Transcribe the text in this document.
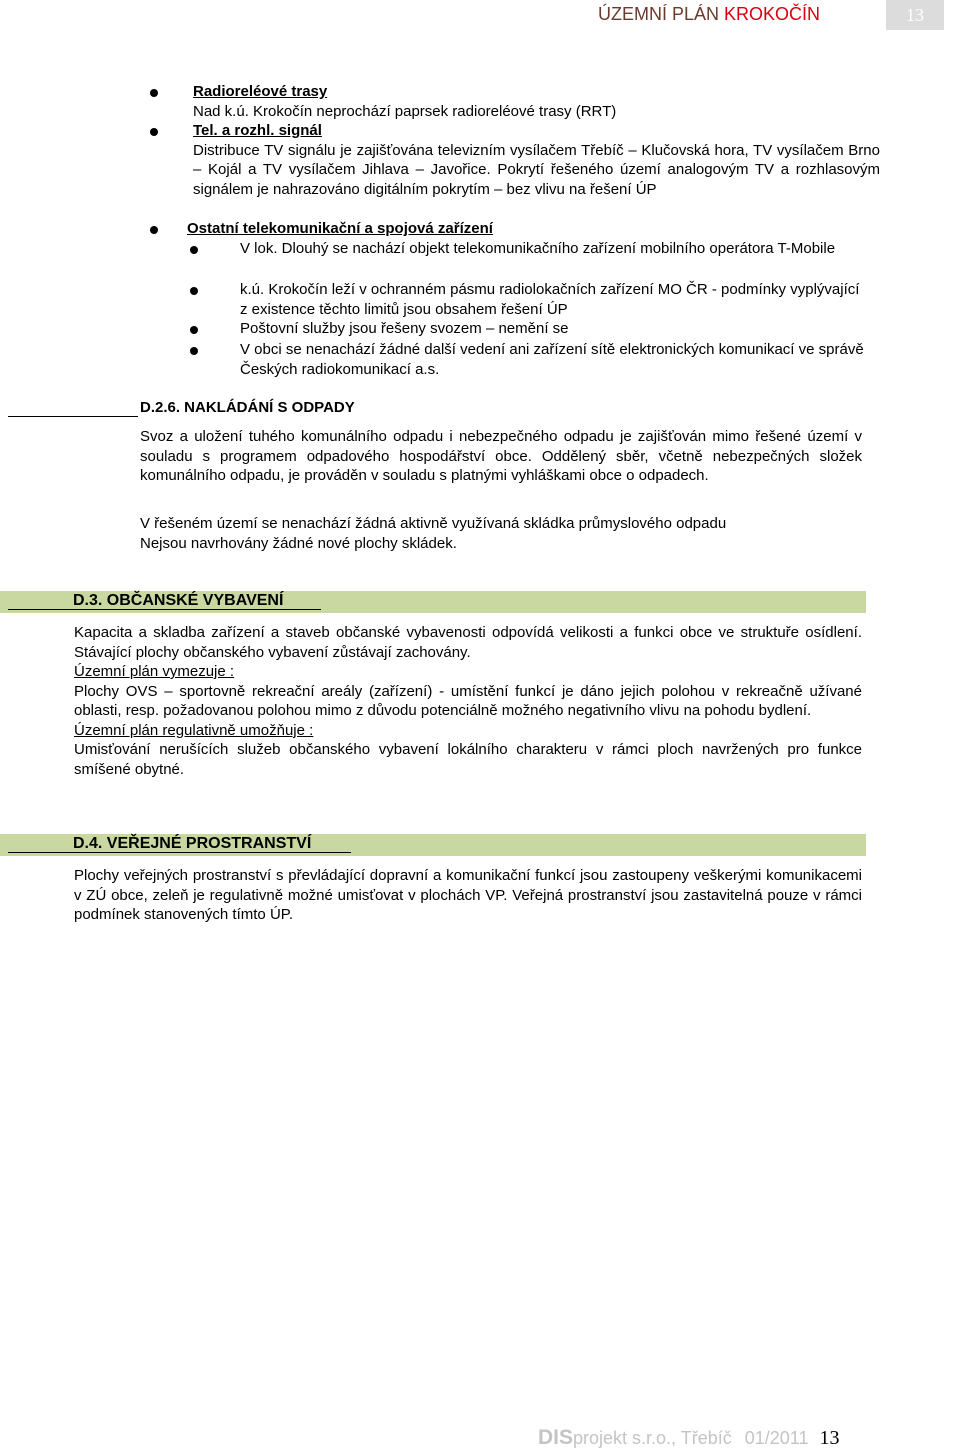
ÚZEMNÍ PLÁN KROKOČÍN	13
Radioreléové trasy
Nad k.ú. Krokočín neprochází paprsek radioreléové trasy (RRT)
Tel. a rozhl. signál
Distribuce TV signálu je zajišťována televizním vysílačem Třebíč – Klučovská hora, TV vysílačem Brno – Kojál a TV vysílačem Jihlava – Javořice. Pokrytí řešeného území analogovým TV a rozhlasovým signálem je nahrazováno digitálním pokrytím – bez vlivu na řešení ÚP
Ostatní telekomunikační a spojová zařízení
V lok. Dlouhý se nachází objekt telekomunikačního zařízení mobilního operátora T-Mobile
k.ú. Krokočín leží v ochranném pásmu radiolokačních zařízení MO ČR - podmínky vyplývající z existence těchto limitů jsou obsahem řešení ÚP
Poštovní služby jsou řešeny svozem – nemění se
V obci se nenachází žádné další vedení ani zařízení sítě elektronických komunikací ve správě Českých radiokomunikací a.s.
D.2.6. NAKLÁDÁNÍ S ODPADY
Svoz a uložení tuhého komunálního odpadu i nebezpečného odpadu je zajišťován mimo řešené území v souladu s programem odpadového hospodářství obce. Oddělený sběr, včetně nebezpečných složek komunálního odpadu, je prováděn v souladu s platnými vyhláškami obce o odpadech.
V řešeném území se nenachází žádná aktivně využívaná skládka průmyslového odpadu
Nejsou navrhovány žádné nové plochy skládek.
D.3. OBČANSKÉ VYBAVENÍ
Kapacita a skladba zařízení a staveb občanské vybavenosti odpovídá velikosti a funkci obce ve struktuře osídlení. Stávající plochy občanského vybavení zůstávají zachovány.
Územní plán vymezuje :
Plochy OVS – sportovně rekreační areály (zařízení) - umístění funkcí je dáno jejich polohou v rekreačně užívané oblasti, resp. požadovanou polohou mimo z důvodu potenciálně možného negativního vlivu na pohodu bydlení.
Územní plán regulativně umožňuje :
Umisťování nerušících služeb občanského vybavení lokálního charakteru v rámci ploch navržených pro funkce smíšené obytné.
D.4. VEŘEJNÉ PROSTRANSTVÍ
Plochy veřejných prostranství s převládající dopravní a komunikační funkcí jsou zastoupeny veškerými komunikacemi v ZÚ obce, zeleň je regulativně možné umisťovat v plochách VP. Veřejná prostranství jsou zastavitelná pouze v rámci podmínek stanovených tímto ÚP.
DISprojekt s.r.o., Třebíč 01/2011 13
